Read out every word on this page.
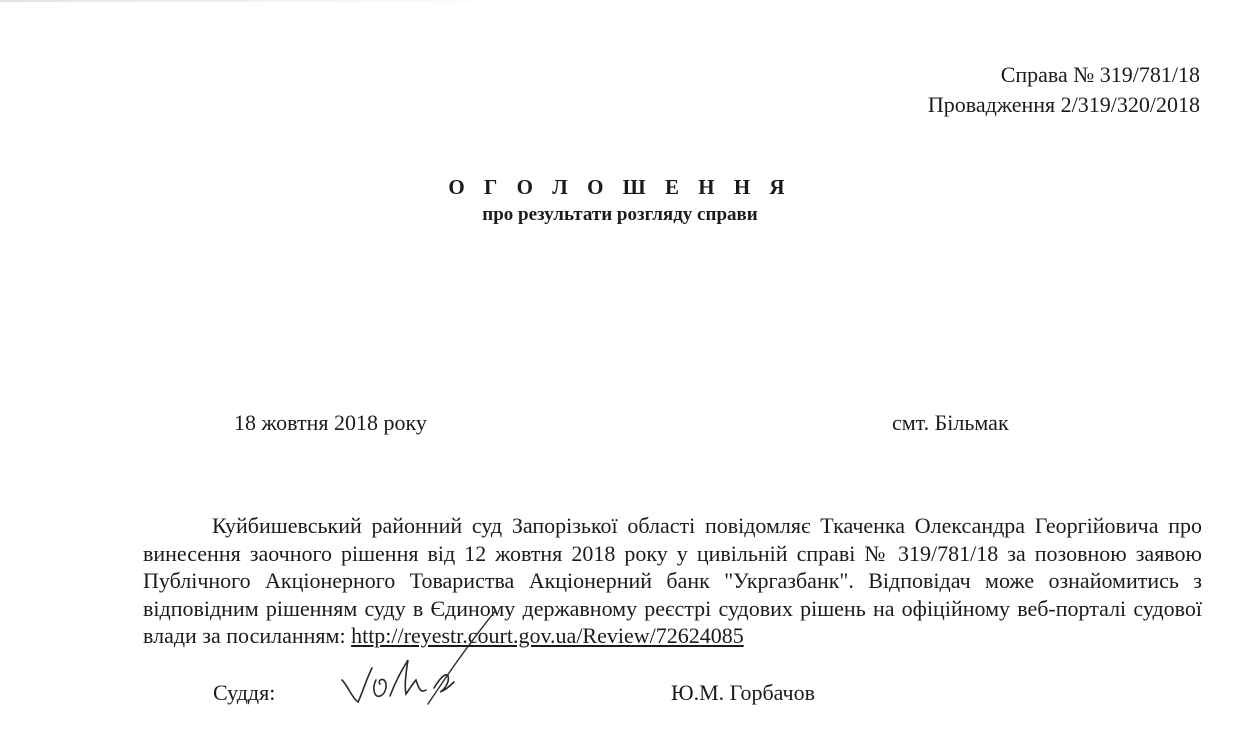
Справа № 319/781/18
Провадження 2/319/320/2018
О Г О Л О Ш Е Н Н Я
про результати розгляду справи
18 жовтня 2018 року	смт. Більмак

Куйбишевський районний суд Запорізької області повідомляє Ткаченка Олександра Георгійовича про винесення заочного рішення від 12 жовтня 2018 року у цивільній справі № 319/781/18 за позовною заявою Публічного Акціонерного Товариства Акціонерний банк "Укргазбанк". Відповідач може ознайомитись з відповідним рішенням суду в Єдиному державному реєстрі судових рішень на офіційному веб-порталі судової влади за посиланням: http://reyestr.court.gov.ua/Review/72624085

Суддя:	Ю.М. Горбачов
